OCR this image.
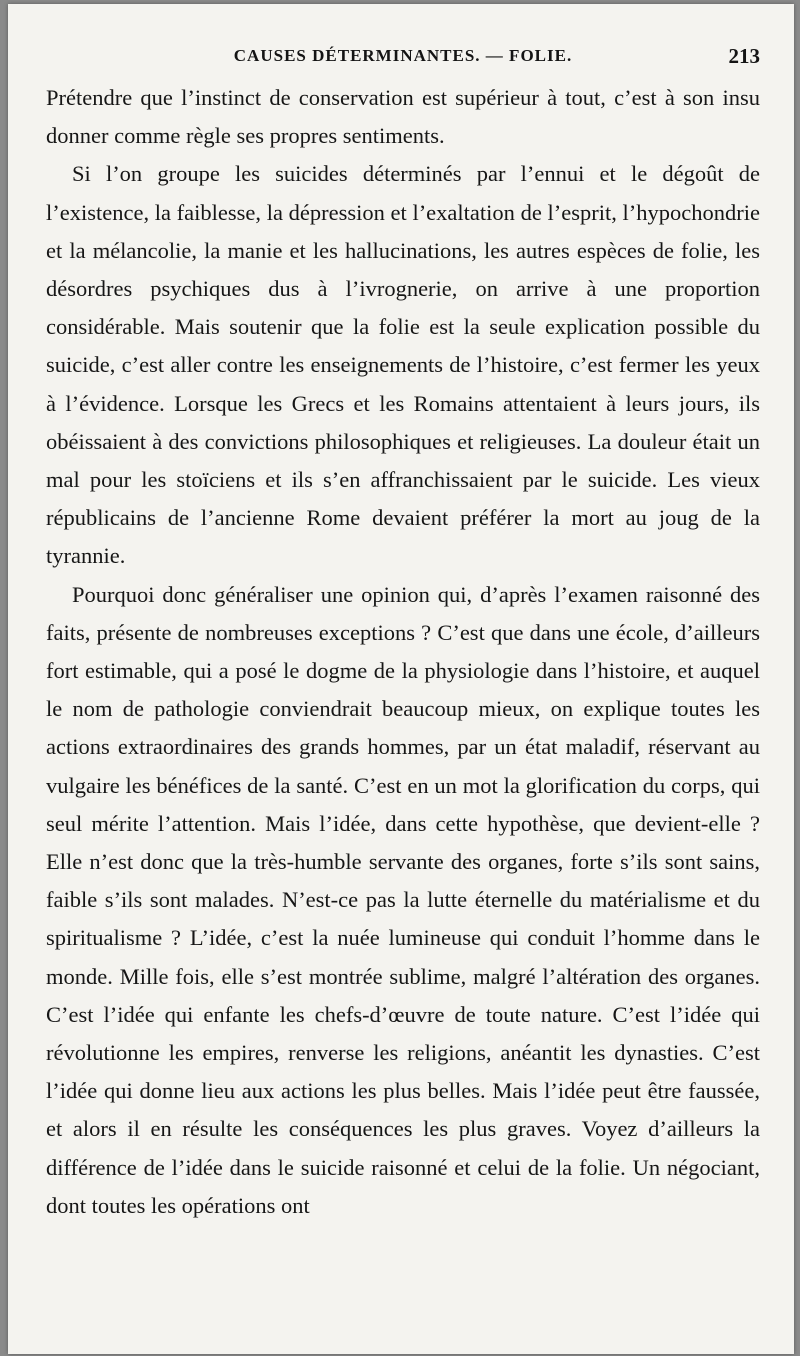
CAUSES DÉTERMINANTES. — FOLIE.	213

Prétendre que l’instinct de conservation est supérieur à tout, c’est à son insu donner comme règle ses propres sentiments.

Si l’on groupe les suicides déterminés par l’ennui et le dégoût de l’existence, la faiblesse, la dépression et l’exaltation de l’esprit, l’hypochondrie et la mélancolie, la manie et les hallucinations, les autres espèces de folie, les désordres psychiques dus à l’ivrognerie, on arrive à une proportion considérable. Mais soutenir que la folie est la seule explication possible du suicide, c’est aller contre les enseignements de l’histoire, c’est fermer les yeux à l’évidence. Lorsque les Grecs et les Romains attentaient à leurs jours, ils obéissaient à des convictions philosophiques et religieuses. La douleur était un mal pour les stoïciens et ils s’en affranchissaient par le suicide. Les vieux républicains de l’ancienne Rome devaient préférer la mort au joug de la tyrannie.

Pourquoi donc généraliser une opinion qui, d’après l’examen raisonné des faits, présente de nombreuses exceptions ? C’est que dans une école, d’ailleurs fort estimable, qui a posé le dogme de la physiologie dans l’histoire, et auquel le nom de pathologie conviendrait beaucoup mieux, on explique toutes les actions extraordinaires des grands hommes, par un état maladif, réservant au vulgaire les bénéfices de la santé. C’est en un mot la glorification du corps, qui seul mérite l’attention. Mais l’idée, dans cette hypothèse, que devient-elle ? Elle n’est donc que la très-humble servante des organes, forte s’ils sont sains, faible s’ils sont malades. N’est-ce pas la lutte éternelle du matérialisme et du spiritualisme ? L’idée, c’est la nuée lumineuse qui conduit l’homme dans le monde. Mille fois, elle s’est montrée sublime, malgré l’altération des organes. C’est l’idée qui enfante les chefs-d’œuvre de toute nature. C’est l’idée qui révolutionne les empires, renverse les religions, anéantit les dynasties. C’est l’idée qui donne lieu aux actions les plus belles. Mais l’idée peut être faussée, et alors il en résulte les conséquences les plus graves. Voyez d’ailleurs la différence de l’idée dans le suicide raisonné et celui de la folie. Un négociant, dont toutes les opérations ont
